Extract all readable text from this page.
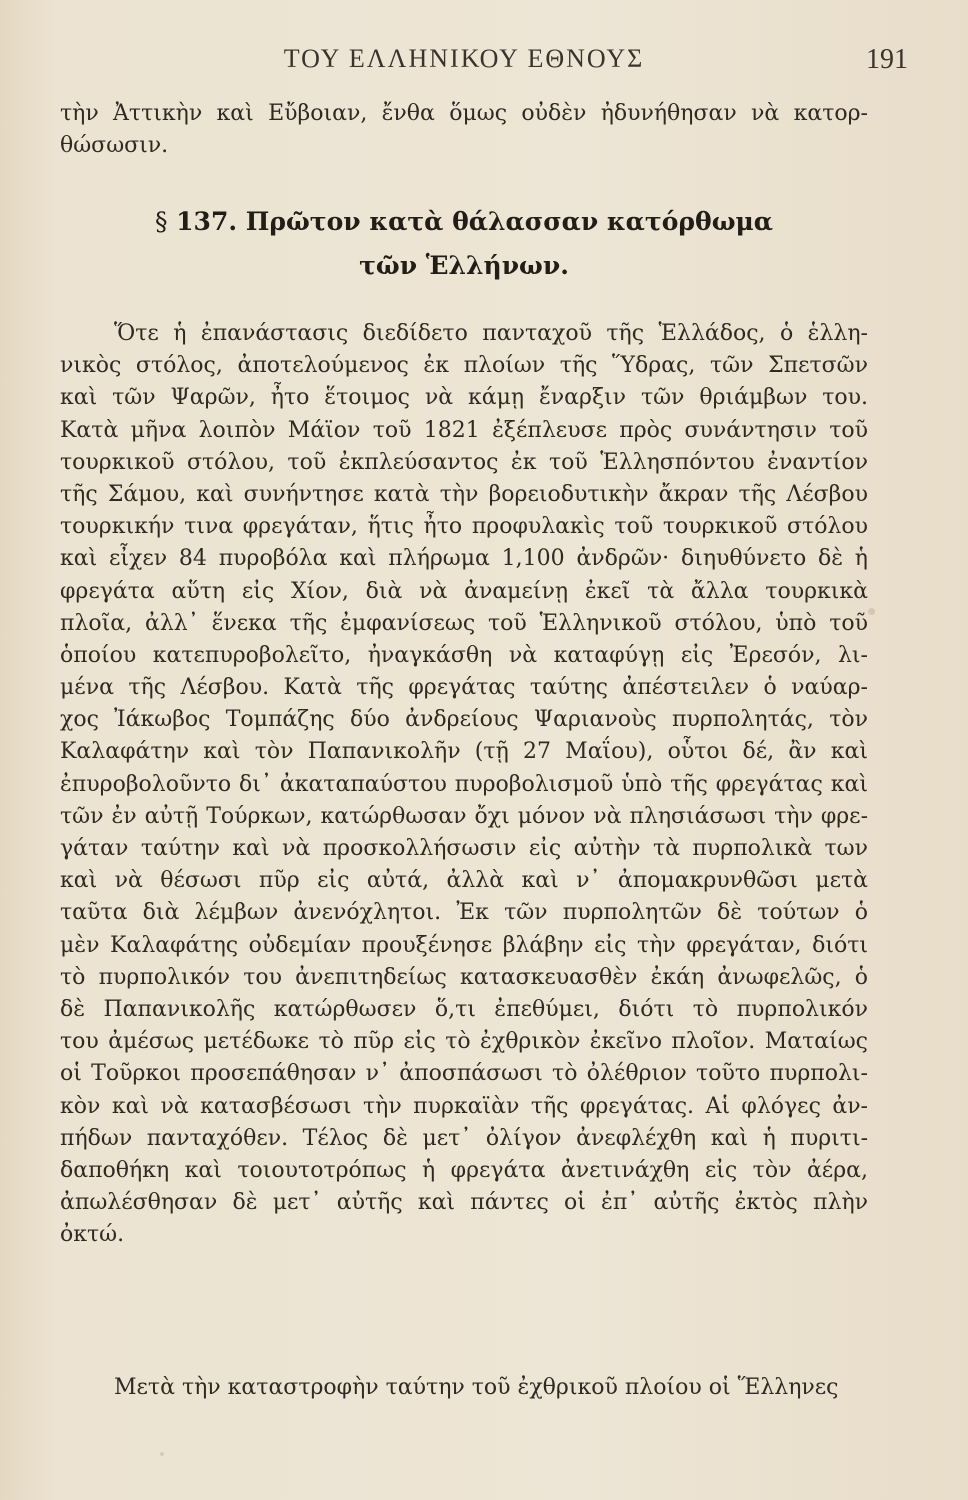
ΤΟΥ ΕΛΛΗΝΙΚΟΥ ΕΘΝΟΥΣ	191
τὴν Ἀττικὴν καὶ Εὔβοιαν, ἔνθα ὅμως οὐδὲν ἠδυνήθησαν νὰ κατορ-
θώσωσιν.
§ 137. Πρῶτον κατὰ θάλασσαν κατόρθωμα
τῶν Ἑλλήνων.
Ὅτε ἡ ἐπανάστασις διεδίδετο πανταχοῦ τῆς Ἑλλάδος, ὁ ἑλλη-
νικὸς στόλος, ἀποτελούμενος ἐκ πλοίων τῆς Ὕδρας, τῶν Σπετσῶν
καὶ τῶν Ψαρῶν, ἦτο ἕτοιμος νὰ κάμῃ ἔναρξιν τῶν θριάμβων του.
Κατὰ μῆνα λοιπὸν Μάϊον τοῦ 1821 ἐξέπλευσε πρὸς συνάντησιν τοῦ
τουρκικοῦ στόλου, τοῦ ἐκπλεύσαντος ἐκ τοῦ Ἑλλησπόντου ἐναντίον
τῆς Σάμου, καὶ συνήντησε κατὰ τὴν βορειοδυτικὴν ἄκραν τῆς Λέσβου
τουρκικήν τινα φρεγάταν, ἥτις ἦτο προφυλακὶς τοῦ τουρκικοῦ στόλου
καὶ εἶχεν 84 πυροβόλα καὶ πλήρωμα 1,100 ἀνδρῶν· διηυθύνετο δὲ ἡ
φρεγάτα αὕτη εἰς Χίον, διὰ νὰ ἀναμείνῃ ἐκεῖ τὰ ἄλλα τουρκικὰ
πλοῖα, ἀλλ᾽ ἕνεκα τῆς ἐμφανίσεως τοῦ Ἑλληνικοῦ στόλου, ὑπὸ τοῦ
ὁποίου κατεπυροβολεῖτο, ἠναγκάσθη νὰ καταφύγῃ εἰς Ἐρεσόν, λι-
μένα τῆς Λέσβου. Κατὰ τῆς φρεγάτας ταύτης ἀπέστειλεν ὁ ναύαρ-
χος Ἰάκωβος Τομπάζης δύο ἀνδρείους Ψαριανοὺς πυρπολητάς, τὸν
Καλαφάτην καὶ τὸν Παπανικολῆν (τῇ 27 Μαΐου), οὗτοι δέ, ἂν καὶ
ἐπυροβολοῦντο δι᾽ ἀκαταπαύστου πυροβολισμοῦ ὑπὸ τῆς φρεγάτας καὶ
τῶν ἐν αὐτῇ Τούρκων, κατώρθωσαν ὄχι μόνον νὰ πλησιάσωσι τὴν φρε-
γάταν ταύτην καὶ νὰ προσκολλήσωσιν εἰς αὐτὴν τὰ πυρπολικὰ των
καὶ νὰ θέσωσι πῦρ εἰς αὐτά, ἀλλὰ καὶ ν᾽ ἀπομακρυνθῶσι μετὰ
ταῦτα διὰ λέμβων ἀνενόχλητοι. Ἐκ τῶν πυρπολητῶν δὲ τούτων ὁ
μὲν Καλαφάτης οὐδεμίαν προυξένησε βλάβην εἰς τὴν φρεγάταν, διότι
τὸ πυρπολικόν του ἀνεπιτηδείως κατασκευασθὲν ἐκάη ἀνωφελῶς, ὁ
δὲ Παπανικολῆς κατώρθωσεν ὅ,τι ἐπεθύμει, διότι τὸ πυρπολικόν
του ἀμέσως μετέδωκε τὸ πῦρ εἰς τὸ ἐχθρικὸν ἐκεῖνο πλοῖον. Ματαίως
οἱ Τοῦρκοι προσεπάθησαν ν᾽ ἀποσπάσωσι τὸ ὀλέθριον τοῦτο πυρπολι-
κὸν καὶ νὰ κατασβέσωσι τὴν πυρκαϊὰν τῆς φρεγάτας. Αἱ φλόγες ἀν-
πήδων πανταχόθεν. Τέλος δὲ μετ᾽ ὀλίγον ἀνεφλέχθη καὶ ἡ πυριτι-
δαποθήκη καὶ τοιουτοτρόπως ἡ φρεγάτα ἀνετινάχθη εἰς τὸν ἀέρα,
ἀπωλέσθησαν δὲ μετ᾽ αὐτῆς καὶ πάντες οἱ ἐπ᾽ αὐτῆς ἐκτὸς πλὴν
ὀκτώ.
Μετὰ τὴν καταστροφὴν ταύτην τοῦ ἐχθρικοῦ πλοίου οἱ Ἕλληνες
